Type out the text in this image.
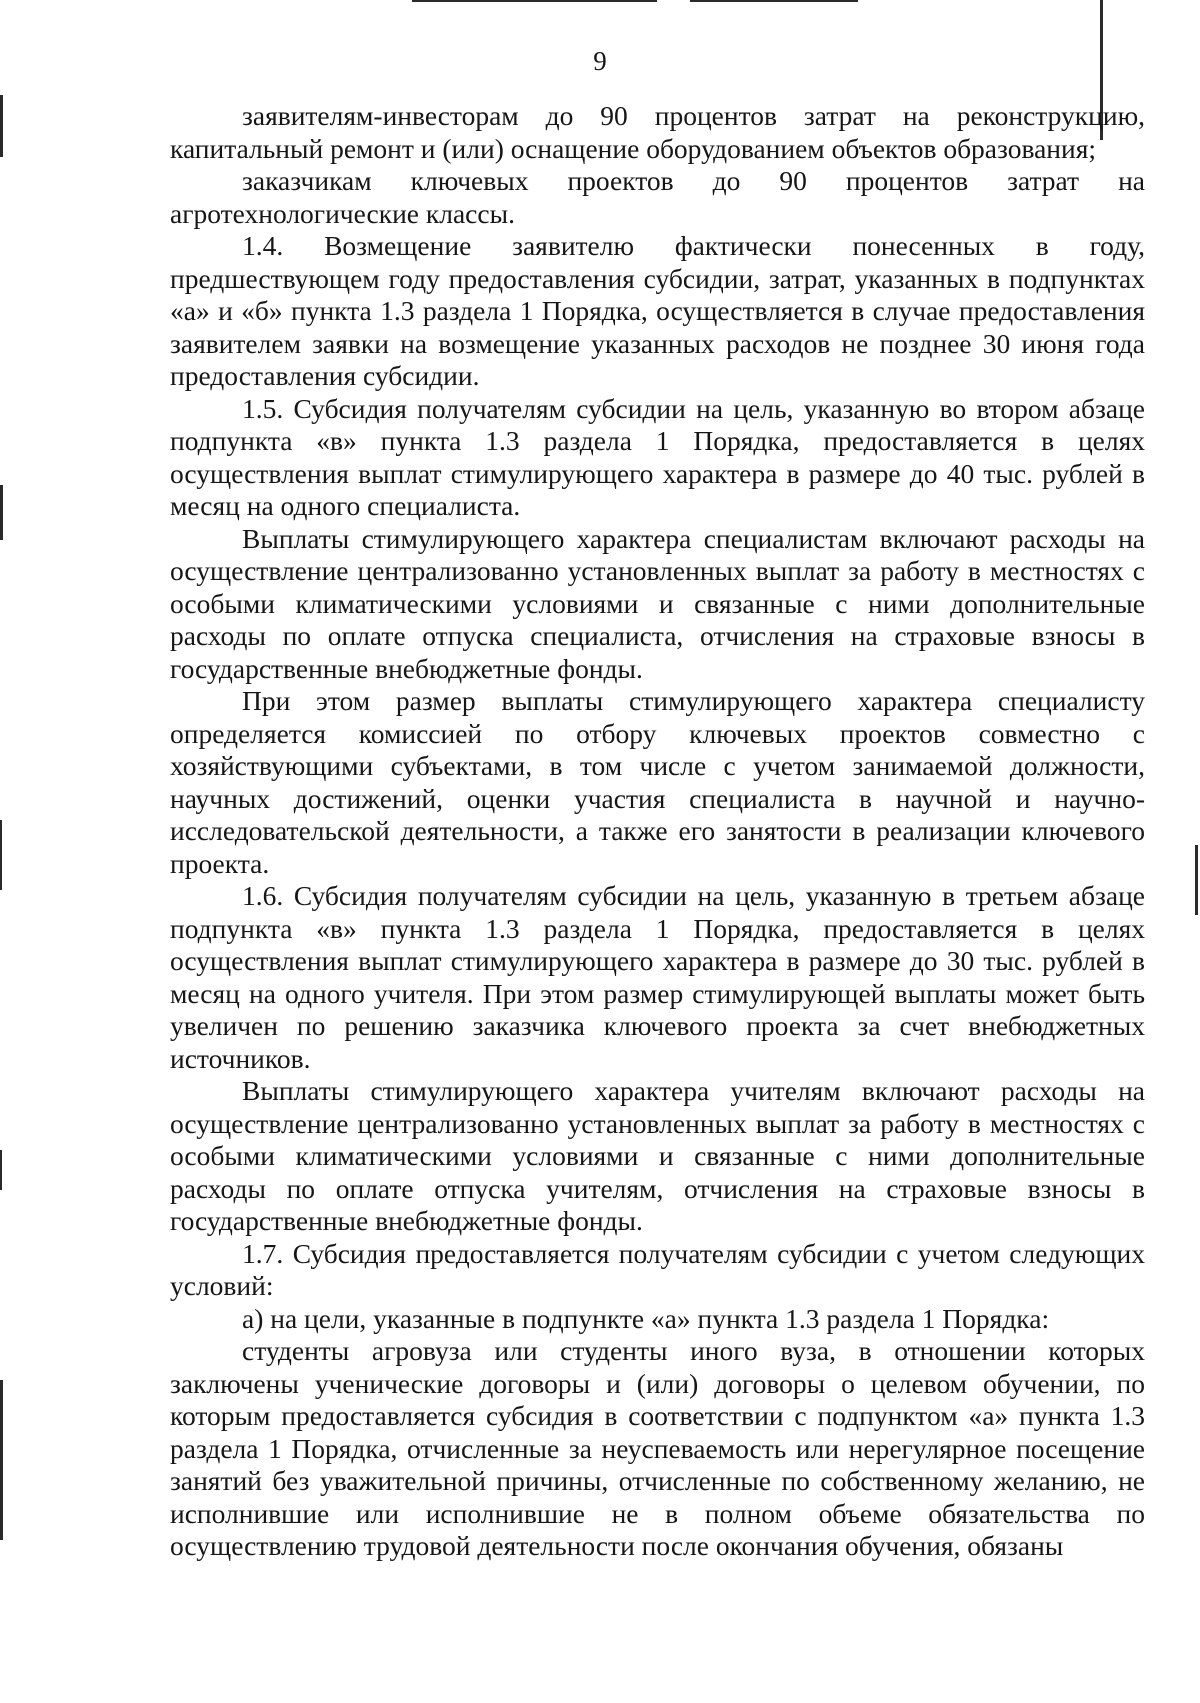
9

заявителям-инвесторам до 90 процентов затрат на реконструкцию, капитальный ремонт и (или) оснащение оборудованием объектов образования;

заказчикам ключевых проектов до 90 процентов затрат на агротехнологические классы.

1.4. Возмещение заявителю фактически понесенных в году, предшествующем году предоставления субсидии, затрат, указанных в подпунктах «а» и «б» пункта 1.3 раздела 1 Порядка, осуществляется в случае предоставления заявителем заявки на возмещение указанных расходов не позднее 30 июня года предоставления субсидии.

1.5. Субсидия получателям субсидии на цель, указанную во втором абзаце подпункта «в» пункта 1.3 раздела 1 Порядка, предоставляется в целях осуществления выплат стимулирующего характера в размере до 40 тыс. рублей в месяц на одного специалиста.

Выплаты стимулирующего характера специалистам включают расходы на осуществление централизованно установленных выплат за работу в местностях с особыми климатическими условиями и связанные с ними дополнительные расходы по оплате отпуска специалиста, отчисления на страховые взносы в государственные внебюджетные фонды.

При этом размер выплаты стимулирующего характера специалисту определяется комиссией по отбору ключевых проектов совместно с хозяйствующими субъектами, в том числе с учетом занимаемой должности, научных достижений, оценки участия специалиста в научной и научно-исследовательской деятельности, а также его занятости в реализации ключевого проекта.

1.6. Субсидия получателям субсидии на цель, указанную в третьем абзаце подпункта «в» пункта 1.3 раздела 1 Порядка, предоставляется в целях осуществления выплат стимулирующего характера в размере до 30 тыс. рублей в месяц на одного учителя. При этом размер стимулирующей выплаты может быть увеличен по решению заказчика ключевого проекта за счет внебюджетных источников.

Выплаты стимулирующего характера учителям включают расходы на осуществление централизованно установленных выплат за работу в местностях с особыми климатическими условиями и связанные с ними дополнительные расходы по оплате отпуска учителям, отчисления на страховые взносы в государственные внебюджетные фонды.

1.7. Субсидия предоставляется получателям субсидии с учетом следующих условий:

а) на цели, указанные в подпункте «а» пункта 1.3 раздела 1 Порядка:

студенты агровуза или студенты иного вуза, в отношении которых заключены ученические договоры и (или) договоры о целевом обучении, по которым предоставляется субсидия в соответствии с подпунктом «а» пункта 1.3 раздела 1 Порядка, отчисленные за неуспеваемость или нерегулярное посещение занятий без уважительной причины, отчисленные по собственному желанию, не исполнившие или исполнившие не в полном объеме обязательства по осуществлению трудовой деятельности после окончания обучения, обязаны
